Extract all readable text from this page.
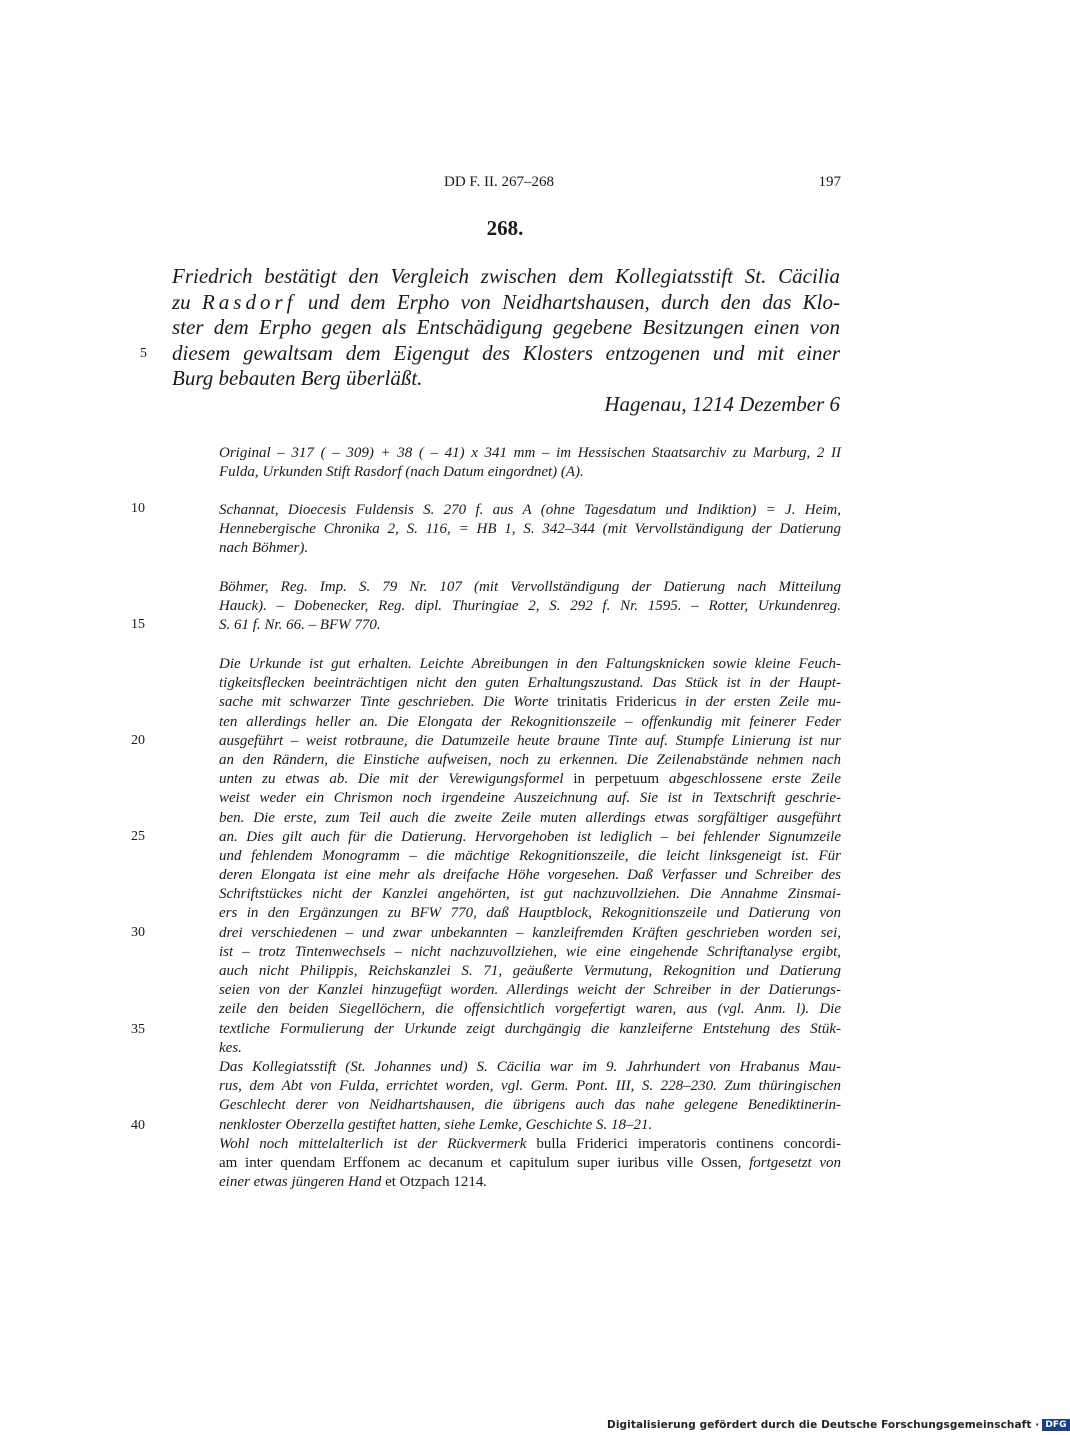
DD F. II. 267–268	197
268.
Friedrich bestätigt den Vergleich zwischen dem Kollegiatsstift St. Cäcilia
zu Rasdorf und dem Erpho von Neidhartshausen, durch den das Klo-
ster dem Erpho gegen als Entschädigung gegebene Besitzungen einen von
diesem gewaltsam dem Eigengut des Klosters entzogenen und mit einer
Burg bebauten Berg überläßt.
Hagenau, 1214 Dezember 6
5
10
15
20
25
30
35
40
Original – 317 ( – 309) + 38 ( – 41) x 341 mm – im Hessischen Staatsarchiv zu Marburg, 2 II
Fulda, Urkunden Stift Rasdorf (nach Datum eingordnet) (A).
Schannat, Dioecesis Fuldensis S. 270 f. aus A (ohne Tagesdatum und Indiktion) = J. Heim,
Hennebergische Chronika 2, S. 116, = HB 1, S. 342–344 (mit Vervollständigung der Datierung
nach Böhmer).
Böhmer, Reg. Imp. S. 79 Nr. 107 (mit Vervollständigung der Datierung nach Mitteilung
Hauck). – Dobenecker, Reg. dipl. Thuringiae 2, S. 292 f. Nr. 1595. – Rotter, Urkundenreg.
S. 61 f. Nr. 66. – BFW 770.
Die Urkunde ist gut erhalten. Leichte Abreibungen in den Faltungsknicken sowie kleine Feuch-
tigkeitsflecken beeinträchtigen nicht den guten Erhaltungszustand. Das Stück ist in der Haupt-
sache mit schwarzer Tinte geschrieben. Die Worte trinitatis Fridericus in der ersten Zeile mu-
ten allerdings heller an. Die Elongata der Rekognitionszeile – offenkundig mit feinerer Feder
ausgeführt – weist rotbraune, die Datumzeile heute braune Tinte auf. Stumpfe Linierung ist nur
an den Rändern, die Einstiche aufweisen, noch zu erkennen. Die Zeilenabstände nehmen nach
unten zu etwas ab. Die mit der Verewigungsformel in perpetuum abgeschlossene erste Zeile
weist weder ein Chrismon noch irgendeine Auszeichnung auf. Sie ist in Textschrift geschrie-
ben. Die erste, zum Teil auch die zweite Zeile muten allerdings etwas sorgfältiger ausgeführt
an. Dies gilt auch für die Datierung. Hervorgehoben ist lediglich – bei fehlender Signumzeile
und fehlendem Monogramm – die mächtige Rekognitionszeile, die leicht linksgeneigt ist. Für
deren Elongata ist eine mehr als dreifache Höhe vorgesehen. Daß Verfasser und Schreiber des
Schriftstückes nicht der Kanzlei angehörten, ist gut nachzuvollziehen. Die Annahme Zinsmai-
ers in den Ergänzungen zu BFW 770, daß Hauptblock, Rekognitionszeile und Datierung von
drei verschiedenen – und zwar unbekannten – kanzleifremden Kräften geschrieben worden sei,
ist – trotz Tintenwechsels – nicht nachzuvollziehen, wie eine eingehende Schriftanalyse ergibt,
auch nicht Philippis, Reichskanzlei S. 71, geäußerte Vermutung, Rekognition und Datierung
seien von der Kanzlei hinzugefügt worden. Allerdings weicht der Schreiber in der Datierungs-
zeile den beiden Siegellöchern, die offensichtlich vorgefertigt waren, aus (vgl. Anm. l). Die
textliche Formulierung der Urkunde zeigt durchgängig die kanzleiferne Entstehung des Stük-
kes.
Das Kollegiatsstift (St. Johannes und) S. Cäcilia war im 9. Jahrhundert von Hrabanus Mau-
rus, dem Abt von Fulda, errichtet worden, vgl. Germ. Pont. III, S. 228–230. Zum thüringischen
Geschlecht derer von Neidhartshausen, die übrigens auch das nahe gelegene Benediktinerin-
nenkloster Oberzella gestiftet hatten, siehe Lemke, Geschichte S. 18–21.
Wohl noch mittelalterlich ist der Rückvermerk bulla Friderici imperatoris continens concordi-
am inter quendam Erffonem ac decanum et capitulum super iuribus ville Ossen, fortgesetzt von
einer etwas jüngeren Hand et Otzpach 1214.
Digitalisierung gefördert durch die Deutsche Forschungsgemeinschaft · DFG
